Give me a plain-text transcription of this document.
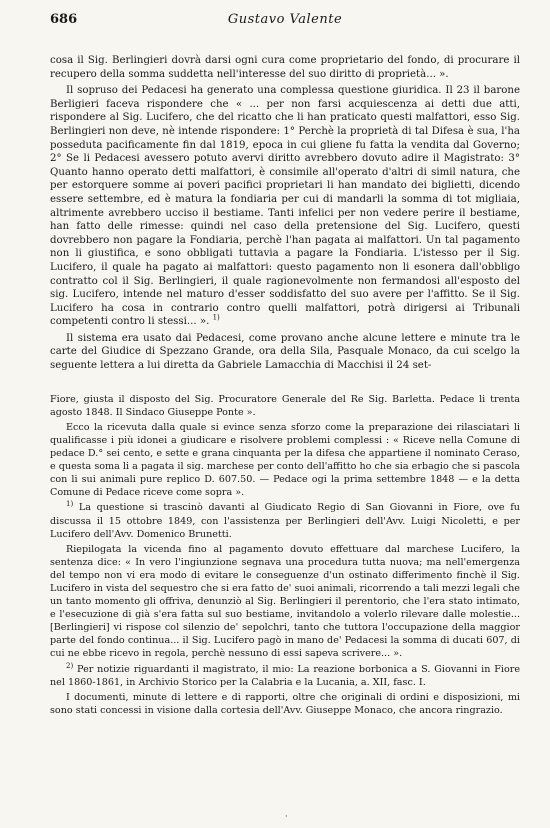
686	Gustavo Valente

cosa il Sig. Berlingieri dovrà darsi ogni cura come proprietario del fondo, di procurare il recupero della somma suddetta nell'interesse del suo diritto di proprietà... ».

Il sopruso dei Pedacesi ha generato una complessa questione giuridica. Il 23 il barone Berligieri faceva rispondere che « ... per non farsi acquiescenza ai detti due atti, rispondere al Sig. Lucifero, che del ricatto che li han praticato questi malfattori, esso Sig. Berlingieri non deve, nè intende rispondere: 1° Perchè la proprietà di tal Difesa è sua, l'ha posseduta pacificamente fin dal 1819, epoca in cui gliene fu fatta la vendita dal Governo; 2° Se li Pedacesi avessero potuto avervi diritto avrebbero dovuto adire il Magistrato: 3° Quanto hanno operato detti malfattori, è consimile all'operato d'altri di simil natura, che per estorquere somme ai poveri pacifici proprietari li han mandato dei biglietti, dicendo essere settembre, ed è matura la fondiaria per cui di mandarli la somma di tot migliaia, altrimente avrebbero ucciso il bestiame. Tanti infelici per non vedere perire il bestiame, han fatto delle rimesse: quindi nel caso della pretensione del Sig. Lucifero, questi dovrebbero non pagare la Fondiaria, perchè l'han pagata ai malfattori. Un tal pagamento non li giustifica, e sono obbligati tuttavia a pagare la Fondiaria. L'istesso per il Sig. Lucifero, il quale ha pagato ai malfattori: questo pagamento non li esonera dall'obbligo contratto col il Sig. Berlingieri, il quale ragionevolmente non fermandosi all'esposto del sig. Lucifero, intende nel maturo d'esser soddisfatto del suo avere per l'affitto. Se il Sig. Lucifero ha cosa in contrario contro quelli malfattori, potrà dirigersi ai Tribunali competenti contro li stessi... ». $^{1)}$

Il sistema era usato dai Pedacesi, come provano anche alcune lettere e minute tra le carte del Giudice di Spezzano Grande, ora della Sila, Pasquale Monaco, da cui scelgo la seguente lettera a lui diretta da Gabriele Lamacchia di Macchisi il 24 set-

Fiore, giusta il disposto del Sig. Procuratore Generale del Re Sig. Barletta. Pedace li trenta agosto 1848. Il Sindaco Giuseppe Ponte ».

Ecco la ricevuta dalla quale si evince senza sforzo come la preparazione dei rilasciatari li qualificasse i più idonei a giudicare e risolvere problemi complessi : « Riceve nella Comune di pedace D.° sei cento, e sette e grana cinquanta per la difesa che appartiene il nominato Ceraso, e questa soma li a pagata il sig. marchese per conto dell'affitto ho che sia erbagio che si pascola con li sui animali pure replico D. 607.50. — Pedace ogi la prima settembre 1848 — e la detta Comune di Pedace riceve come sopra ».

$^{1)}$ La questione si trascinò davanti al Giudicato Regio di San Giovanni in Fiore, ove fu discussa il 15 ottobre 1849, con l'assistenza per Berlingieri dell'Avv. Luigi Nicoletti, e per Lucifero dell'Avv. Domenico Brunetti.

Riepilogata la vicenda fino al pagamento dovuto effettuare dal marchese Lucifero, la sentenza dice: « In vero l'ingiunzione segnava una procedura tutta nuova; ma nell'emergenza del tempo non vi era modo di evitare le conseguenze d'un ostinato differimento finchè il Sig. Lucifero in vista del sequestro che si era fatto de' suoi animali, ricorrendo a tali mezzi legali che un tanto momento gli offriva, denunziò al Sig. Berlingieri il perentorio, che l'era stato intimato, e l'esecuzione di già s'era fatta sul suo bestiame, invitandolo a volerlo rilevare dalle molestie... [Berlingieri] vi rispose col silenzio de' sepolchri, tanto che tuttora l'occupazione della maggior parte del fondo continua... il Sig. Lucifero pagò in mano de' Pedacesi la somma di ducati 607, di cui ne ebbe ricevo in regola, perchè nessuno di essi sapeva scrivere... ».

$^{2)}$ Per notizie riguardanti il magistrato, il mio: La reazione borbonica a S. Giovanni in Fiore nel 1860-1861, in Archivio Storico per la Calabria e la Lucania, a. XII, fasc. I.

I documenti, minute di lettere e di rapporti, oltre che originali di ordini e disposizioni, mi sono stati concessi in visione dalla cortesia dell'Avv. Giuseppe Monaco, che ancora ringrazio.

·
